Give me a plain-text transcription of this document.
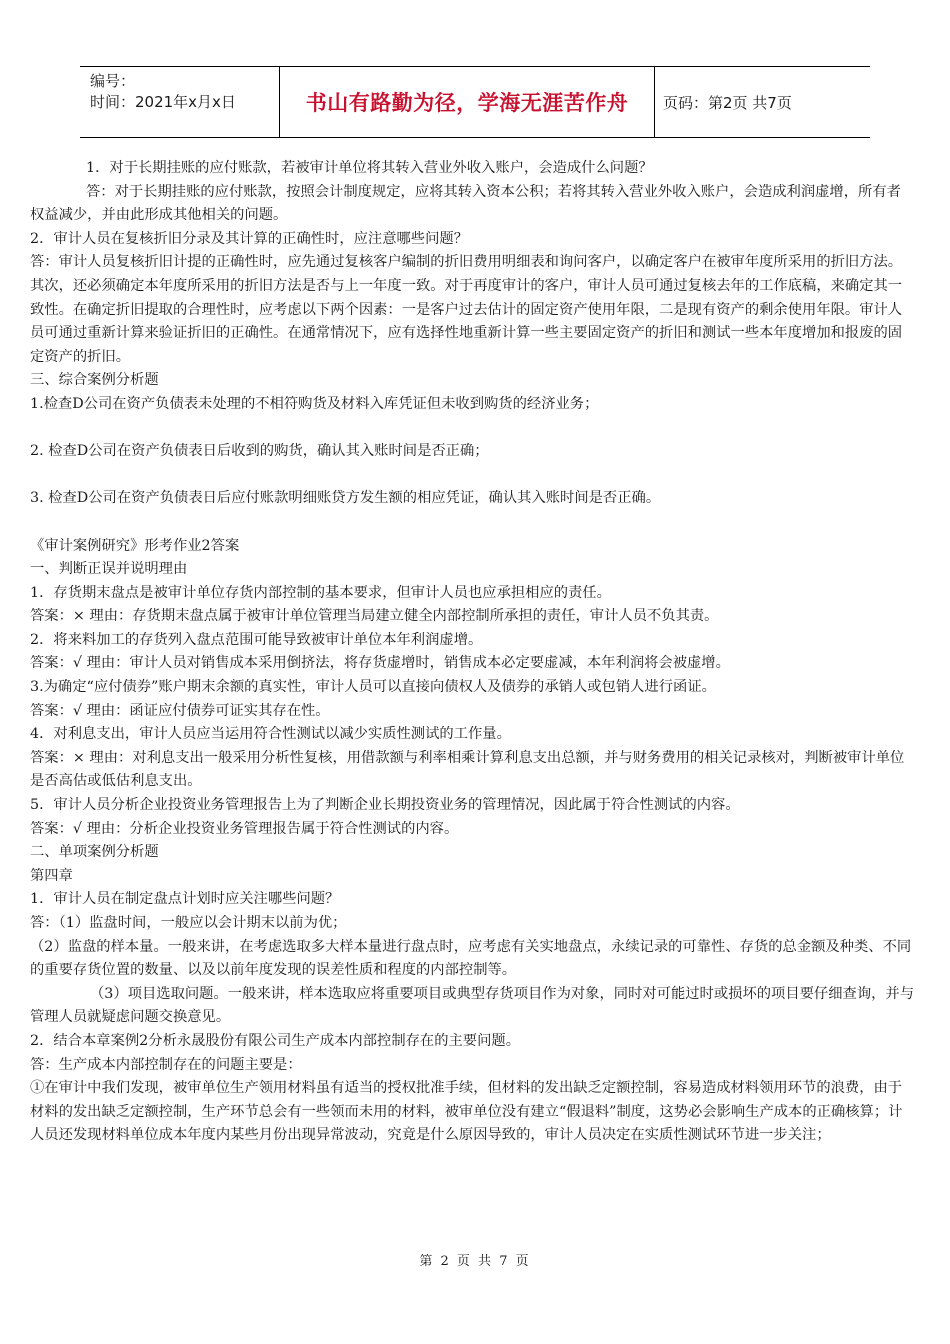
编号：
时间：2021年x月x日	书山有路勤为径，学海无涯苦作舟	页码：第2页 共7页

1．对于长期挂账的应付账款，若被审计单位将其转入营业外收入账户，会造成什么问题？

答：对于长期挂账的应付账款，按照会计制度规定，应将其转入资本公积；若将其转入营业外收入账户，会造成利润虚增，所有者权益减少，并由此形成其他相关的问题。

2．审计人员在复核折旧分录及其计算的正确性时，应注意哪些问题？

答：审计人员复核折旧计提的正确性时，应先通过复核客户编制的折旧费用明细表和询问客户，以确定客户在被审年度所采用的折旧方法。其次，还必须确定本年度所采用的折旧方法是否与上一年度一致。对于再度审计的客户，审计人员可通过复核去年的工作底稿，来确定其一致性。在确定折旧提取的合理性时，应考虑以下两个因素：一是客户过去估计的固定资产使用年限，二是现有资产的剩余使用年限。审计人员可通过重新计算来验证折旧的正确性。在通常情况下，应有选择性地重新计算一些主要固定资产的折旧和测试一些本年度增加和报废的固定资产的折旧。

三、综合案例分析题

1.检查D公司在资产负债表未处理的不相符购货及材料入库凭证但未收到购货的经济业务；

2. 检查D公司在资产负债表日后收到的购货，确认其入账时间是否正确；

3. 检查D公司在资产负债表日后应付账款明细账贷方发生额的相应凭证，确认其入账时间是否正确。

《审计案例研究》形考作业2答案

一、判断正误并说明理由

1．存货期末盘点是被审计单位存货内部控制的基本要求，但审计人员也应承担相应的责任。

答案：× 理由：存货期末盘点属于被审计单位管理当局建立健全内部控制所承担的责任，审计人员不负其责。

2．将来料加工的存货列入盘点范围可能导致被审计单位本年利润虚增。

答案：√ 理由：审计人员对销售成本采用倒挤法，将存货虚增时，销售成本必定要虚减，本年利润将会被虚增。

3.为确定“应付债券”账户期末余额的真实性，审计人员可以直接向债权人及债券的承销人或包销人进行函证。

答案：√ 理由：函证应付债券可证实其存在性。

4．对利息支出，审计人员应当运用符合性测试以减少实质性测试的工作量。

答案：× 理由：对利息支出一般采用分析性复核，用借款额与利率相乘计算利息支出总额，并与财务费用的相关记录核对，判断被审计单位是否高估或低估利息支出。

5．审计人员分析企业投资业务管理报告上为了判断企业长期投资业务的管理情况，因此属于符合性测试的内容。

答案：√ 理由：分析企业投资业务管理报告属于符合性测试的内容。

二、单项案例分析题

第四章

1．审计人员在制定盘点计划时应关注哪些问题？

答：（1）监盘时间，一般应以会计期末以前为优；

（2）监盘的样本量。一般来讲，在考虑选取多大样本量进行盘点时，应考虑有关实地盘点，永续记录的可靠性、存货的总金额及种类、不同的重要存货位置的数量、以及以前年度发现的误差性质和程度的内部控制等。

（3）项目选取问题。一般来讲，样本选取应将重要项目或典型存货项目作为对象，同时对可能过时或损坏的项目要仔细查询，并与管理人员就疑虑问题交换意见。

2．结合本章案例2分析永晟股份有限公司生产成本内部控制存在的主要问题。

答：生产成本内部控制存在的问题主要是：

①在审计中我们发现，被审单位生产领用材料虽有适当的授权批准手续，但材料的发出缺乏定额控制，容易造成材料领用环节的浪费，由于材料的发出缺乏定额控制，生产环节总会有一些领而未用的材料，被审单位没有建立“假退料”制度，这势必会影响生产成本的正确核算；计人员还发现材料单位成本年度内某些月份出现异常波动，究竟是什么原因导致的，审计人员决定在实质性测试环节进一步关注；

第 2 页 共 7 页
